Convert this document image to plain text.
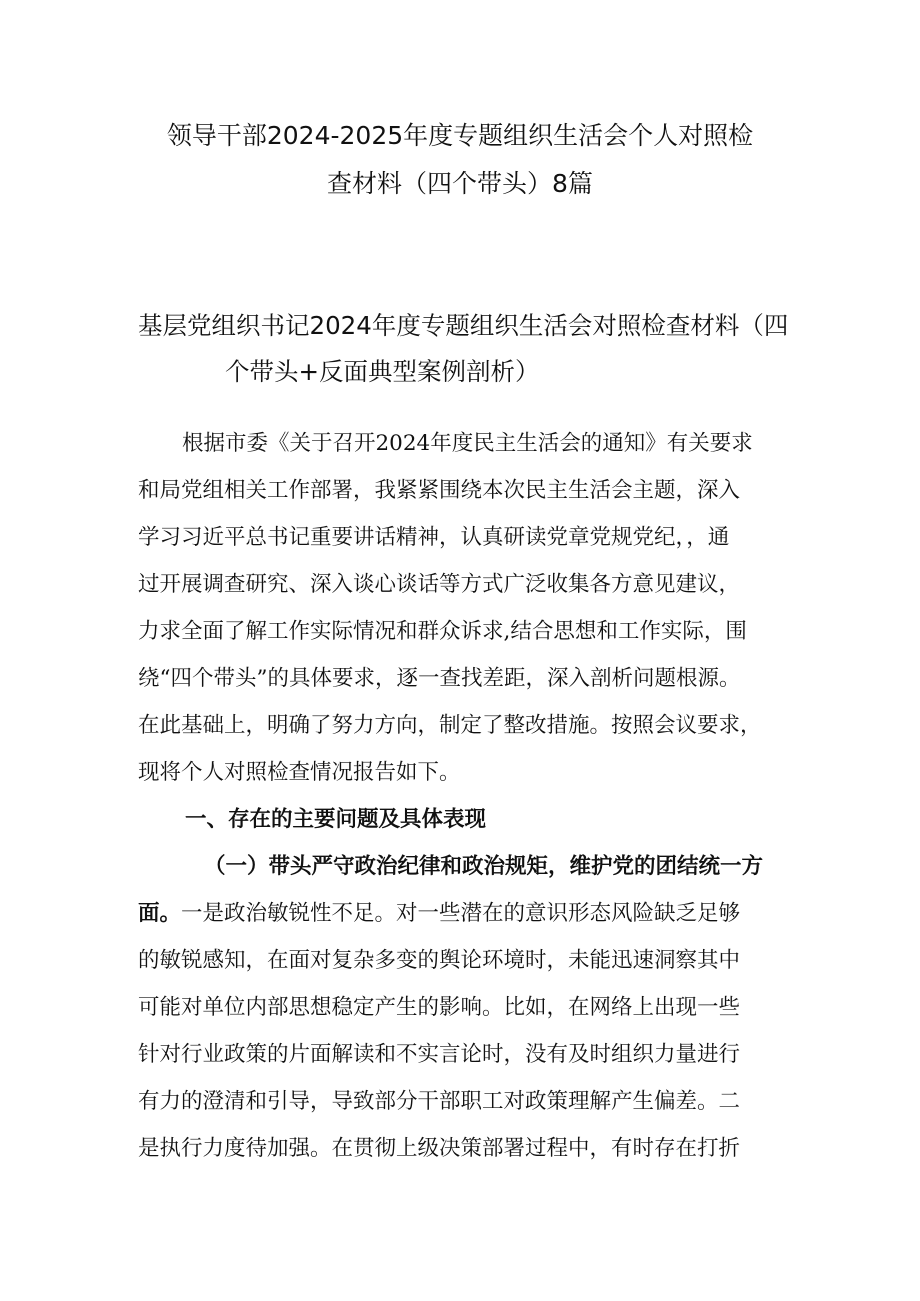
领导干部2024-2025年度专题组织生活会个人对照检
查材料（四个带头）8篇
基层党组织书记2024年度专题组织生活会对照检查材料（四
个带头+反面典型案例剖析）
根据市委《关于召开2024年度民主生活会的通知》有关要求
和局党组相关工作部署，我紧紧围绕本次民主生活会主题，深入
学习习近平总书记重要讲话精神，认真研读党章党规党纪，，通
过开展调查研究、深入谈心谈话等方式广泛收集各方意见建议，
力求全面了解工作实际情况和群众诉求,结合思想和工作实际，围
绕“四个带头”的具体要求，逐一查找差距，深入剖析问题根源。
在此基础上，明确了努力方向，制定了整改措施。按照会议要求，
现将个人对照检查情况报告如下。
一、存在的主要问题及具体表现
（一）带头严守政治纪律和政治规矩，维护党的团结统一方
面。一是政治敏锐性不足。对一些潜在的意识形态风险缺乏足够
的敏锐感知，在面对复杂多变的舆论环境时，未能迅速洞察其中
可能对单位内部思想稳定产生的影响。比如，在网络上出现一些
针对行业政策的片面解读和不实言论时，没有及时组织力量进行
有力的澄清和引导，导致部分干部职工对政策理解产生偏差。二
是执行力度待加强。在贯彻上级决策部署过程中，有时存在打折
